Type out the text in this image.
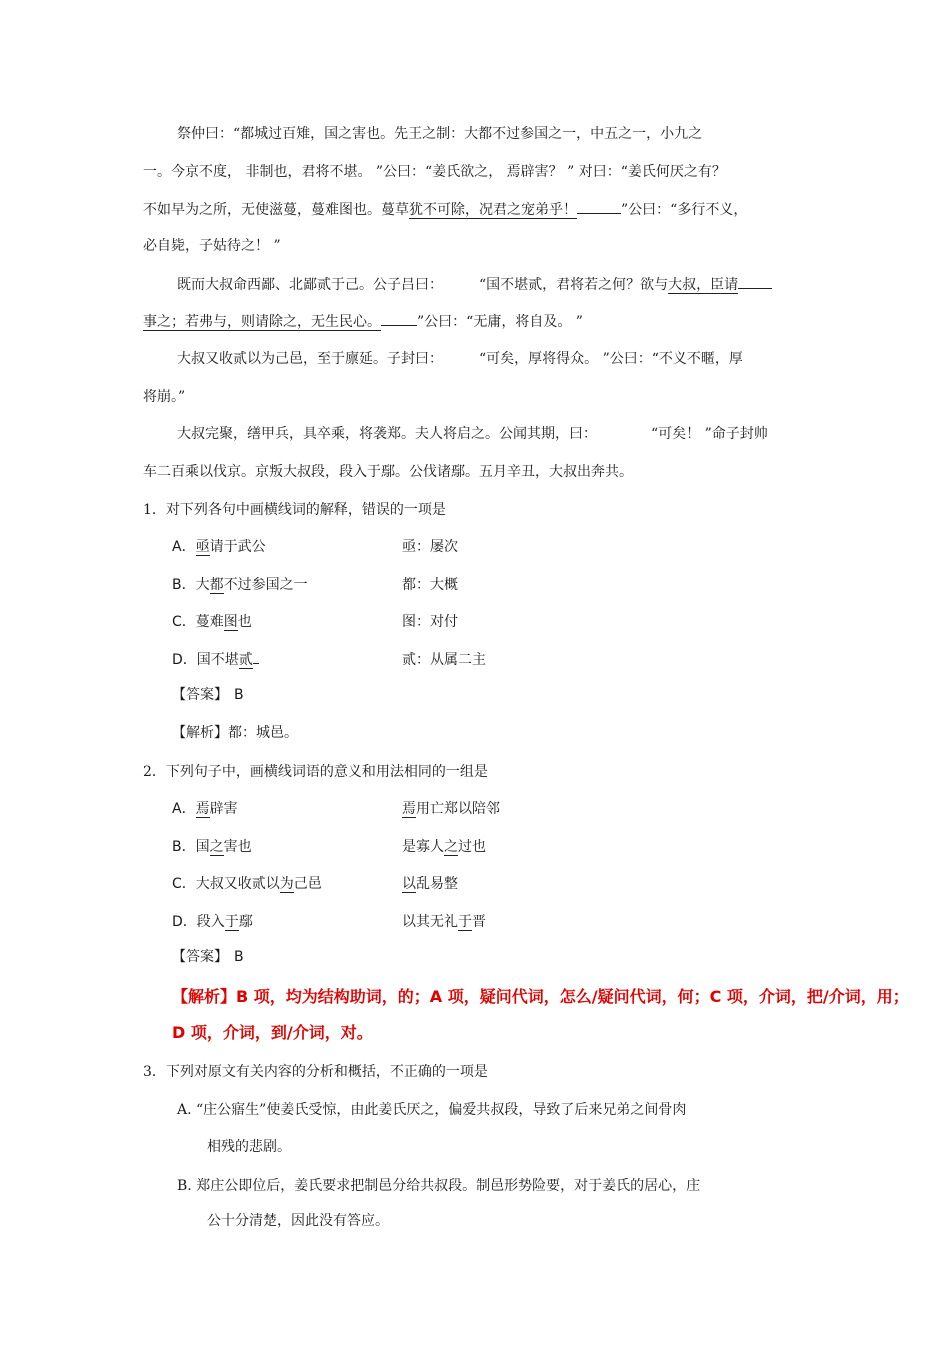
祭仲曰：“都城过百雉，国之害也。先王之制：大都不过参国之一，中五之一，小九之
一。今京不度， 非制也，君将不堪。 ”公曰：“姜氏欲之， 焉辟害？ ” 对曰：“姜氏何厌之有？
不如早为之所，无使滋蔓，蔓难图也。蔓草犹不可除，况君之宠弟乎！	”公曰：“多行不义，
必自毙，子姑待之！ ”
既而大叔命西鄙、北鄙贰于己。公子吕曰：	“国不堪贰，君将若之何？欲与大叔，臣请
事之；若弗与，则请除之，无生民心。	”公曰：“无庸，将自及。 ”
大叔又收贰以为己邑，至于廪延。子封曰：	“可矣，厚将得众。 ”公曰：“不义不暱，厚
将崩。”
大叔完聚，缮甲兵，具卒乘，将袭郑。夫人将启之。公闻其期，曰：	“可矣！ ”命子封帅
车二百乘以伐京。京叛大叔段，段入于鄢。公伐诸鄢。五月辛丑，大叔出奔共。
1．对下列各句中画横线词的解释，错误的一项是
A．亟请于武公	亟：屡次
B．大都不过参国之一	都：大概
C．蔓难图也	图：对付
D．国不堪贰	贰：从属二主
【答案】 B
【解析】都：城邑。
2．下列句子中，画横线词语的意义和用法相同的一组是
A．焉辟害	焉用亡郑以陪邻
B．国之害也	是寡人之过也
C．大叔又收贰以为己邑	以乱易整
D．段入于鄢	以其无礼于晋
【答案】 B
【解析】B 项，均为结构助词，的；A 项，疑问代词，怎么/疑问代词，何；C 项，介词，把/介词，用；
D 项，介词，到/介词，对。
3．下列对原文有关内容的分析和概括，不正确的一项是
A. “庄公寤生”使姜氏受惊，由此姜氏厌之，偏爱共叔段，导致了后来兄弟之间骨肉
相残的悲剧。
B. 郑庄公即位后，姜氏要求把制邑分给共叔段。制邑形势险要，对于姜氏的居心，庄
公十分清楚，因此没有答应。
